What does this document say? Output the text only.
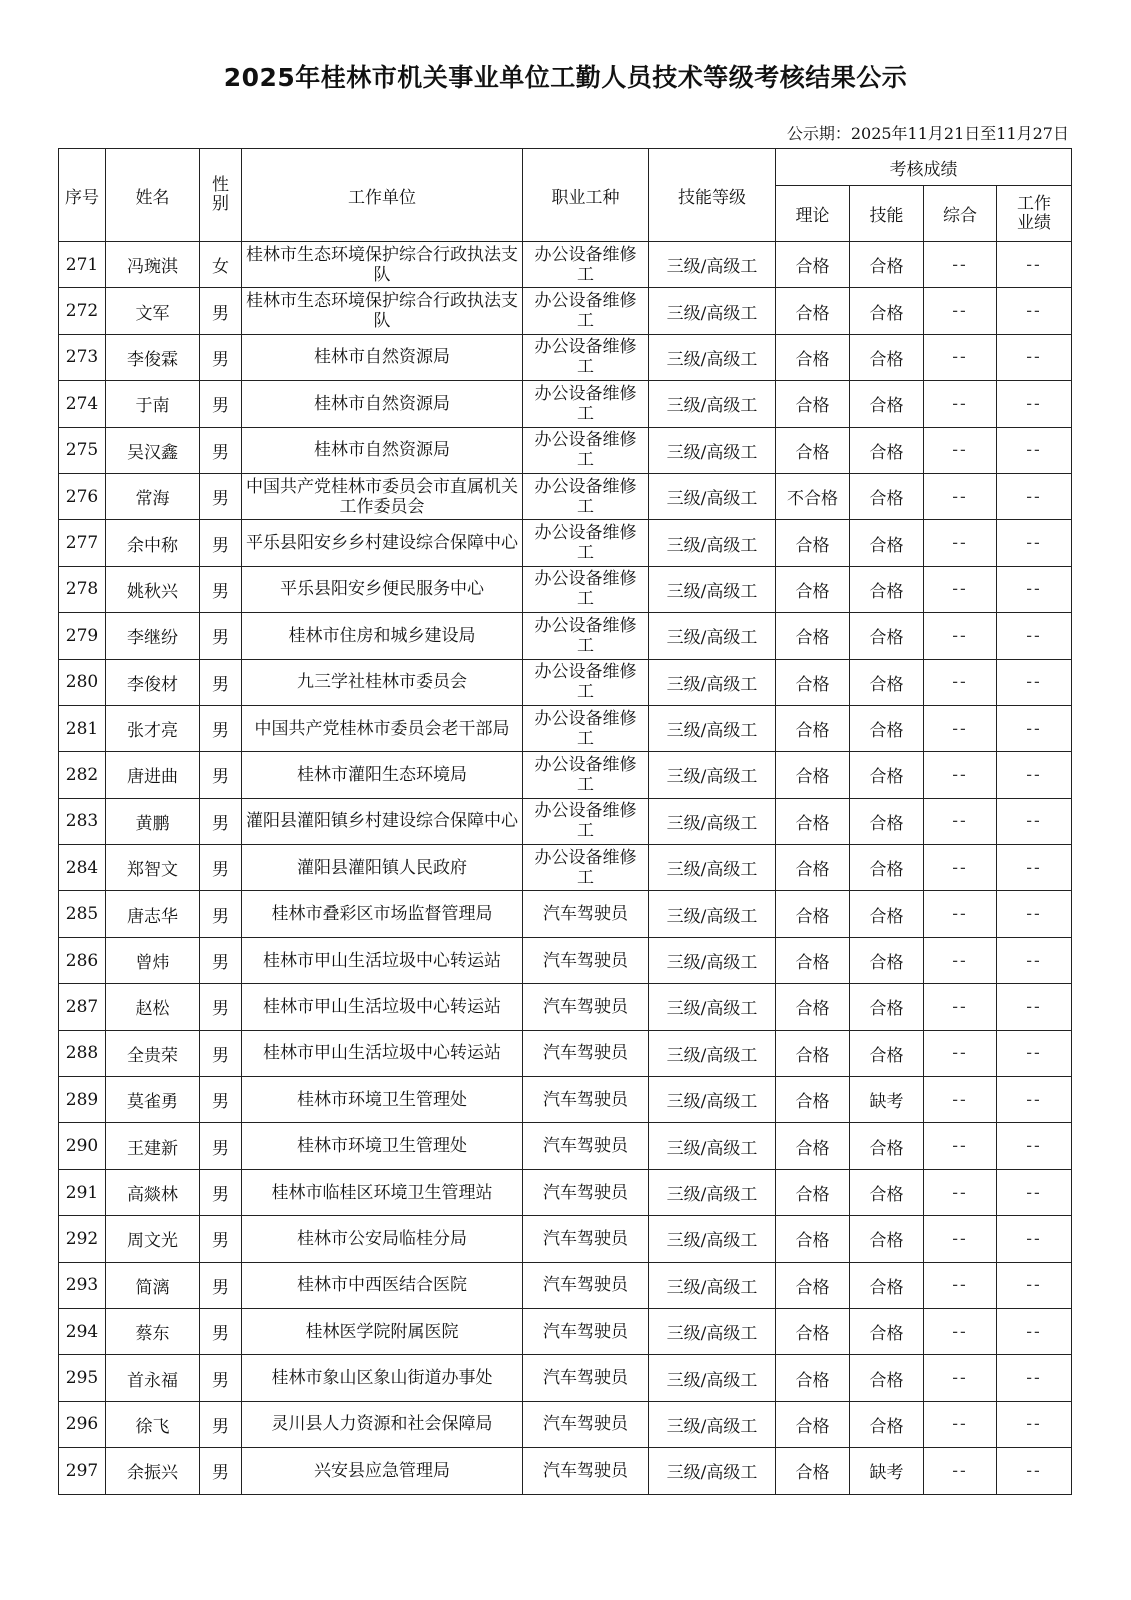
2025年桂林市机关事业单位工勤人员技术等级考核结果公示
公示期：2025年11月21日至11月27日
序号	姓名	性别	工作单位	职业工种	技能等级	考核成绩			
						理论	技能	综合	工作业绩
271	冯琬淇	女	桂林市生态环境保护综合行政执法支队	办公设备维修工	三级/高级工	合格	合格	--	--
272	文军	男	桂林市生态环境保护综合行政执法支队	办公设备维修工	三级/高级工	合格	合格	--	--
273	李俊霖	男	桂林市自然资源局	办公设备维修工	三级/高级工	合格	合格	--	--
274	于南	男	桂林市自然资源局	办公设备维修工	三级/高级工	合格	合格	--	--
275	吴汉鑫	男	桂林市自然资源局	办公设备维修工	三级/高级工	合格	合格	--	--
276	常海	男	中国共产党桂林市委员会市直属机关工作委员会	办公设备维修工	三级/高级工	不合格	合格	--	--
277	余中称	男	平乐县阳安乡乡村建设综合保障中心	办公设备维修工	三级/高级工	合格	合格	--	--
278	姚秋兴	男	平乐县阳安乡便民服务中心	办公设备维修工	三级/高级工	合格	合格	--	--
279	李继纷	男	桂林市住房和城乡建设局	办公设备维修工	三级/高级工	合格	合格	--	--
280	李俊材	男	九三学社桂林市委员会	办公设备维修工	三级/高级工	合格	合格	--	--
281	张才亮	男	中国共产党桂林市委员会老干部局	办公设备维修工	三级/高级工	合格	合格	--	--
282	唐进曲	男	桂林市灌阳生态环境局	办公设备维修工	三级/高级工	合格	合格	--	--
283	黄鹏	男	灌阳县灌阳镇乡村建设综合保障中心	办公设备维修工	三级/高级工	合格	合格	--	--
284	郑智文	男	灌阳县灌阳镇人民政府	办公设备维修工	三级/高级工	合格	合格	--	--
285	唐志华	男	桂林市叠彩区市场监督管理局	汽车驾驶员	三级/高级工	合格	合格	--	--
286	曾炜	男	桂林市甲山生活垃圾中心转运站	汽车驾驶员	三级/高级工	合格	合格	--	--
287	赵松	男	桂林市甲山生活垃圾中心转运站	汽车驾驶员	三级/高级工	合格	合格	--	--
288	全贵荣	男	桂林市甲山生活垃圾中心转运站	汽车驾驶员	三级/高级工	合格	合格	--	--
289	莫雀勇	男	桂林市环境卫生管理处	汽车驾驶员	三级/高级工	合格	缺考	--	--
290	王建新	男	桂林市环境卫生管理处	汽车驾驶员	三级/高级工	合格	合格	--	--
291	高燚林	男	桂林市临桂区环境卫生管理站	汽车驾驶员	三级/高级工	合格	合格	--	--
292	周文光	男	桂林市公安局临桂分局	汽车驾驶员	三级/高级工	合格	合格	--	--
293	简漓	男	桂林市中西医结合医院	汽车驾驶员	三级/高级工	合格	合格	--	--
294	蔡东	男	桂林医学院附属医院	汽车驾驶员	三级/高级工	合格	合格	--	--
295	首永福	男	桂林市象山区象山街道办事处	汽车驾驶员	三级/高级工	合格	合格	--	--
296	徐飞	男	灵川县人力资源和社会保障局	汽车驾驶员	三级/高级工	合格	合格	--	--
297	余振兴	男	兴安县应急管理局	汽车驾驶员	三级/高级工	合格	缺考	--	--
